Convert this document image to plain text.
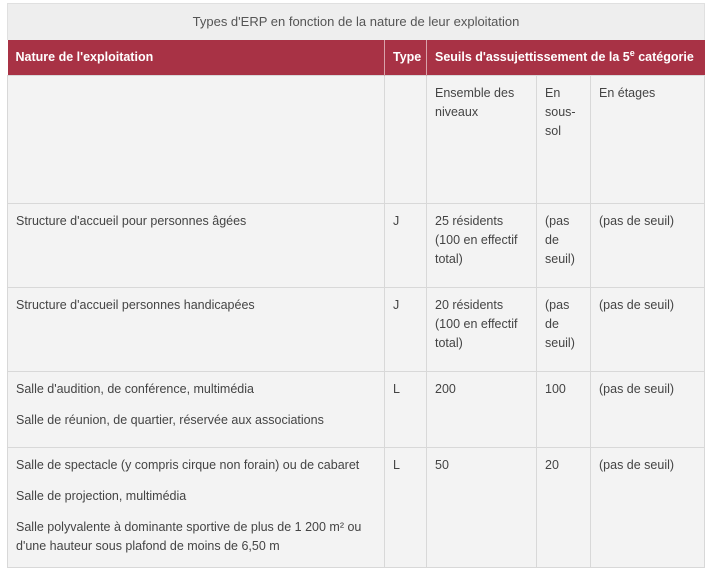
Types d'ERP en fonction de la nature de leur exploitation
Nature de l'exploitation	Type	Seuils d'assujettissement de la 5e catégorie		
		Ensemble des niveaux	En sous-sol	En étages

Structure d'accueil pour personnes âgées	J	25 résidents (100 en effectif total)	(pas de seuil)	(pas de seuil)

Structure d'accueil personnes handicapées	J	20 résidents (100 en effectif total)	(pas de seuil)	(pas de seuil)

Salle d'audition, de conférence, multimédia

Salle de réunion, de quartier, réservée aux associations	L	200	100	(pas de seuil)

Salle de spectacle (y compris cirque non forain) ou de cabaret

Salle de projection, multimédia

Salle polyvalente à dominante sportive de plus de 1 200 m² ou d'une hauteur sous plafond de moins de 6,50 m	L	50	20	(pas de seuil)
